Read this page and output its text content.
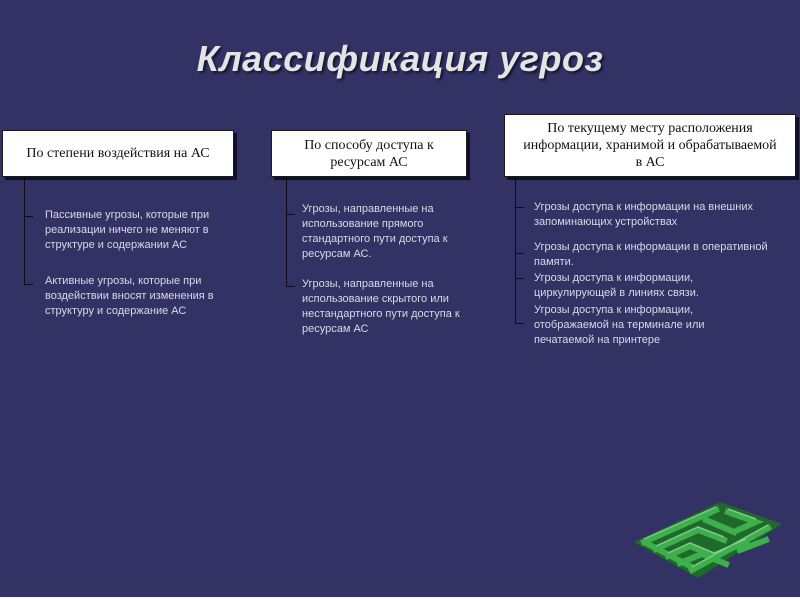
Классификация угроз
По степени воздействия на АС
Пассивные угрозы, которые при реализации ничего не меняют в структуре и содержании АС
Активные угрозы, которые при воздействии вносят изменения в структуру и содержание АС
По способу доступа к ресурсам АС
Угрозы, направленные на использование прямого стандартного пути доступа к ресурсам АС.
Угрозы, направленные на использование скрытого или нестандартного пути доступа к ресурсам АС
По текущему месту расположения информации, хранимой и обрабатываемой в АС
Угрозы доступа к информации на внешних запоминающих устройствах
Угрозы доступа к информации в оперативной памяти.
Угрозы доступа к информации, циркулирующей в линиях связи.
Угрозы доступа к информации, отображаемой на терминале или печатаемой на принтере
